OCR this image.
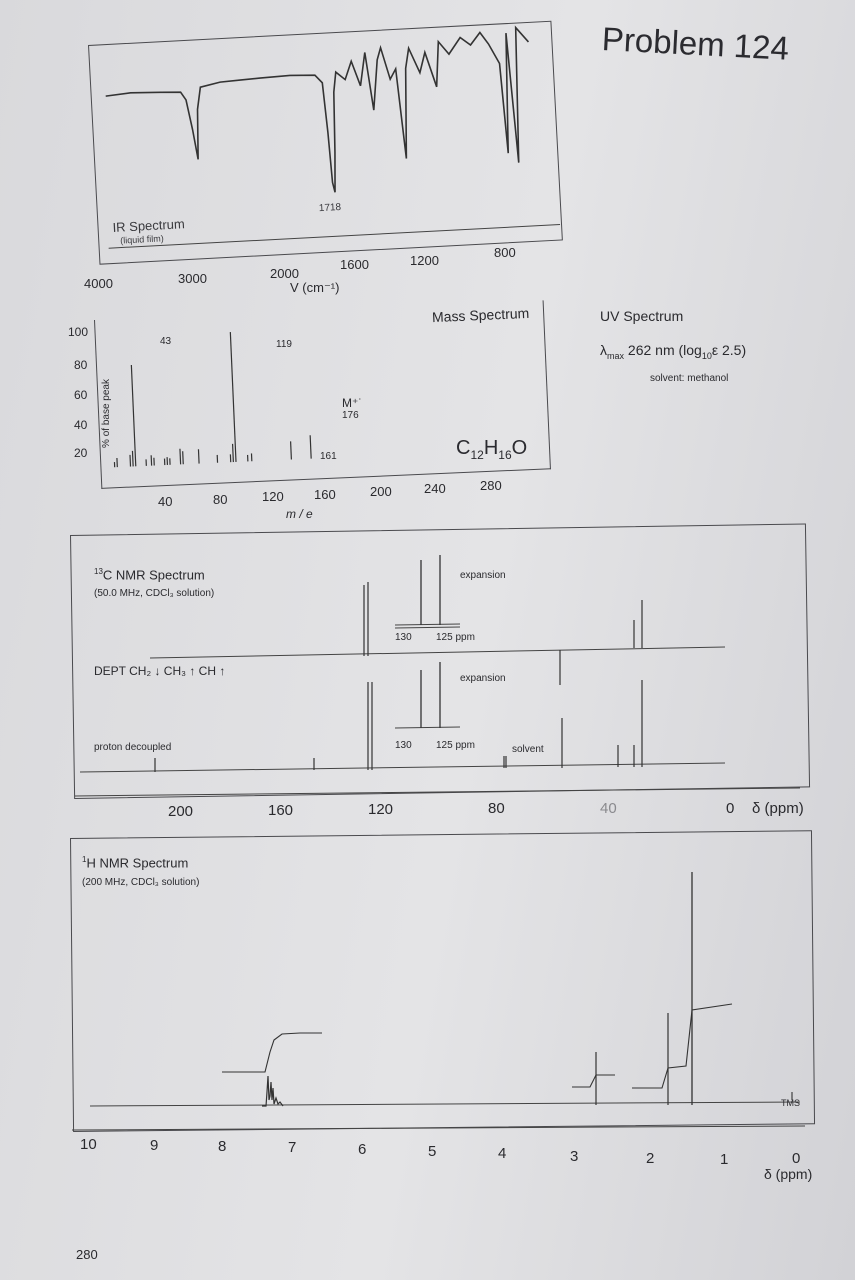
Problem 124
IR Spectrum
(liquid film)
1718
4000	3000	2000
1600	1200
800
V (cm⁻¹)
Mass Spectrum
% of base peak
100
80
60
40
20
43	119
161
M⁺˙
176
$C_{12}H_{16}O$
40	80	120 160	200 240	280
m / e
UV Spectrum
$\lambda_{max}$ 262 nm ($\log_{10}\varepsilon$ 2.5)
solvent: methanol
$^{13}$C NMR Spectrum
(50.0 MHz, CDCl₃ solution)
expansion
130 125 ppm
DEPT CH₂ ↓ CH₃ ↑ CH ↑
expansion
130 125 ppm
proton decoupled	solvent
200	160	120	80	40	0 δ (ppm)
$^1$H NMR Spectrum
(200 MHz, CDCl₃ solution)
TMS
10	9	8	7	6	5	4	3	2	1	0
δ (ppm)
280
